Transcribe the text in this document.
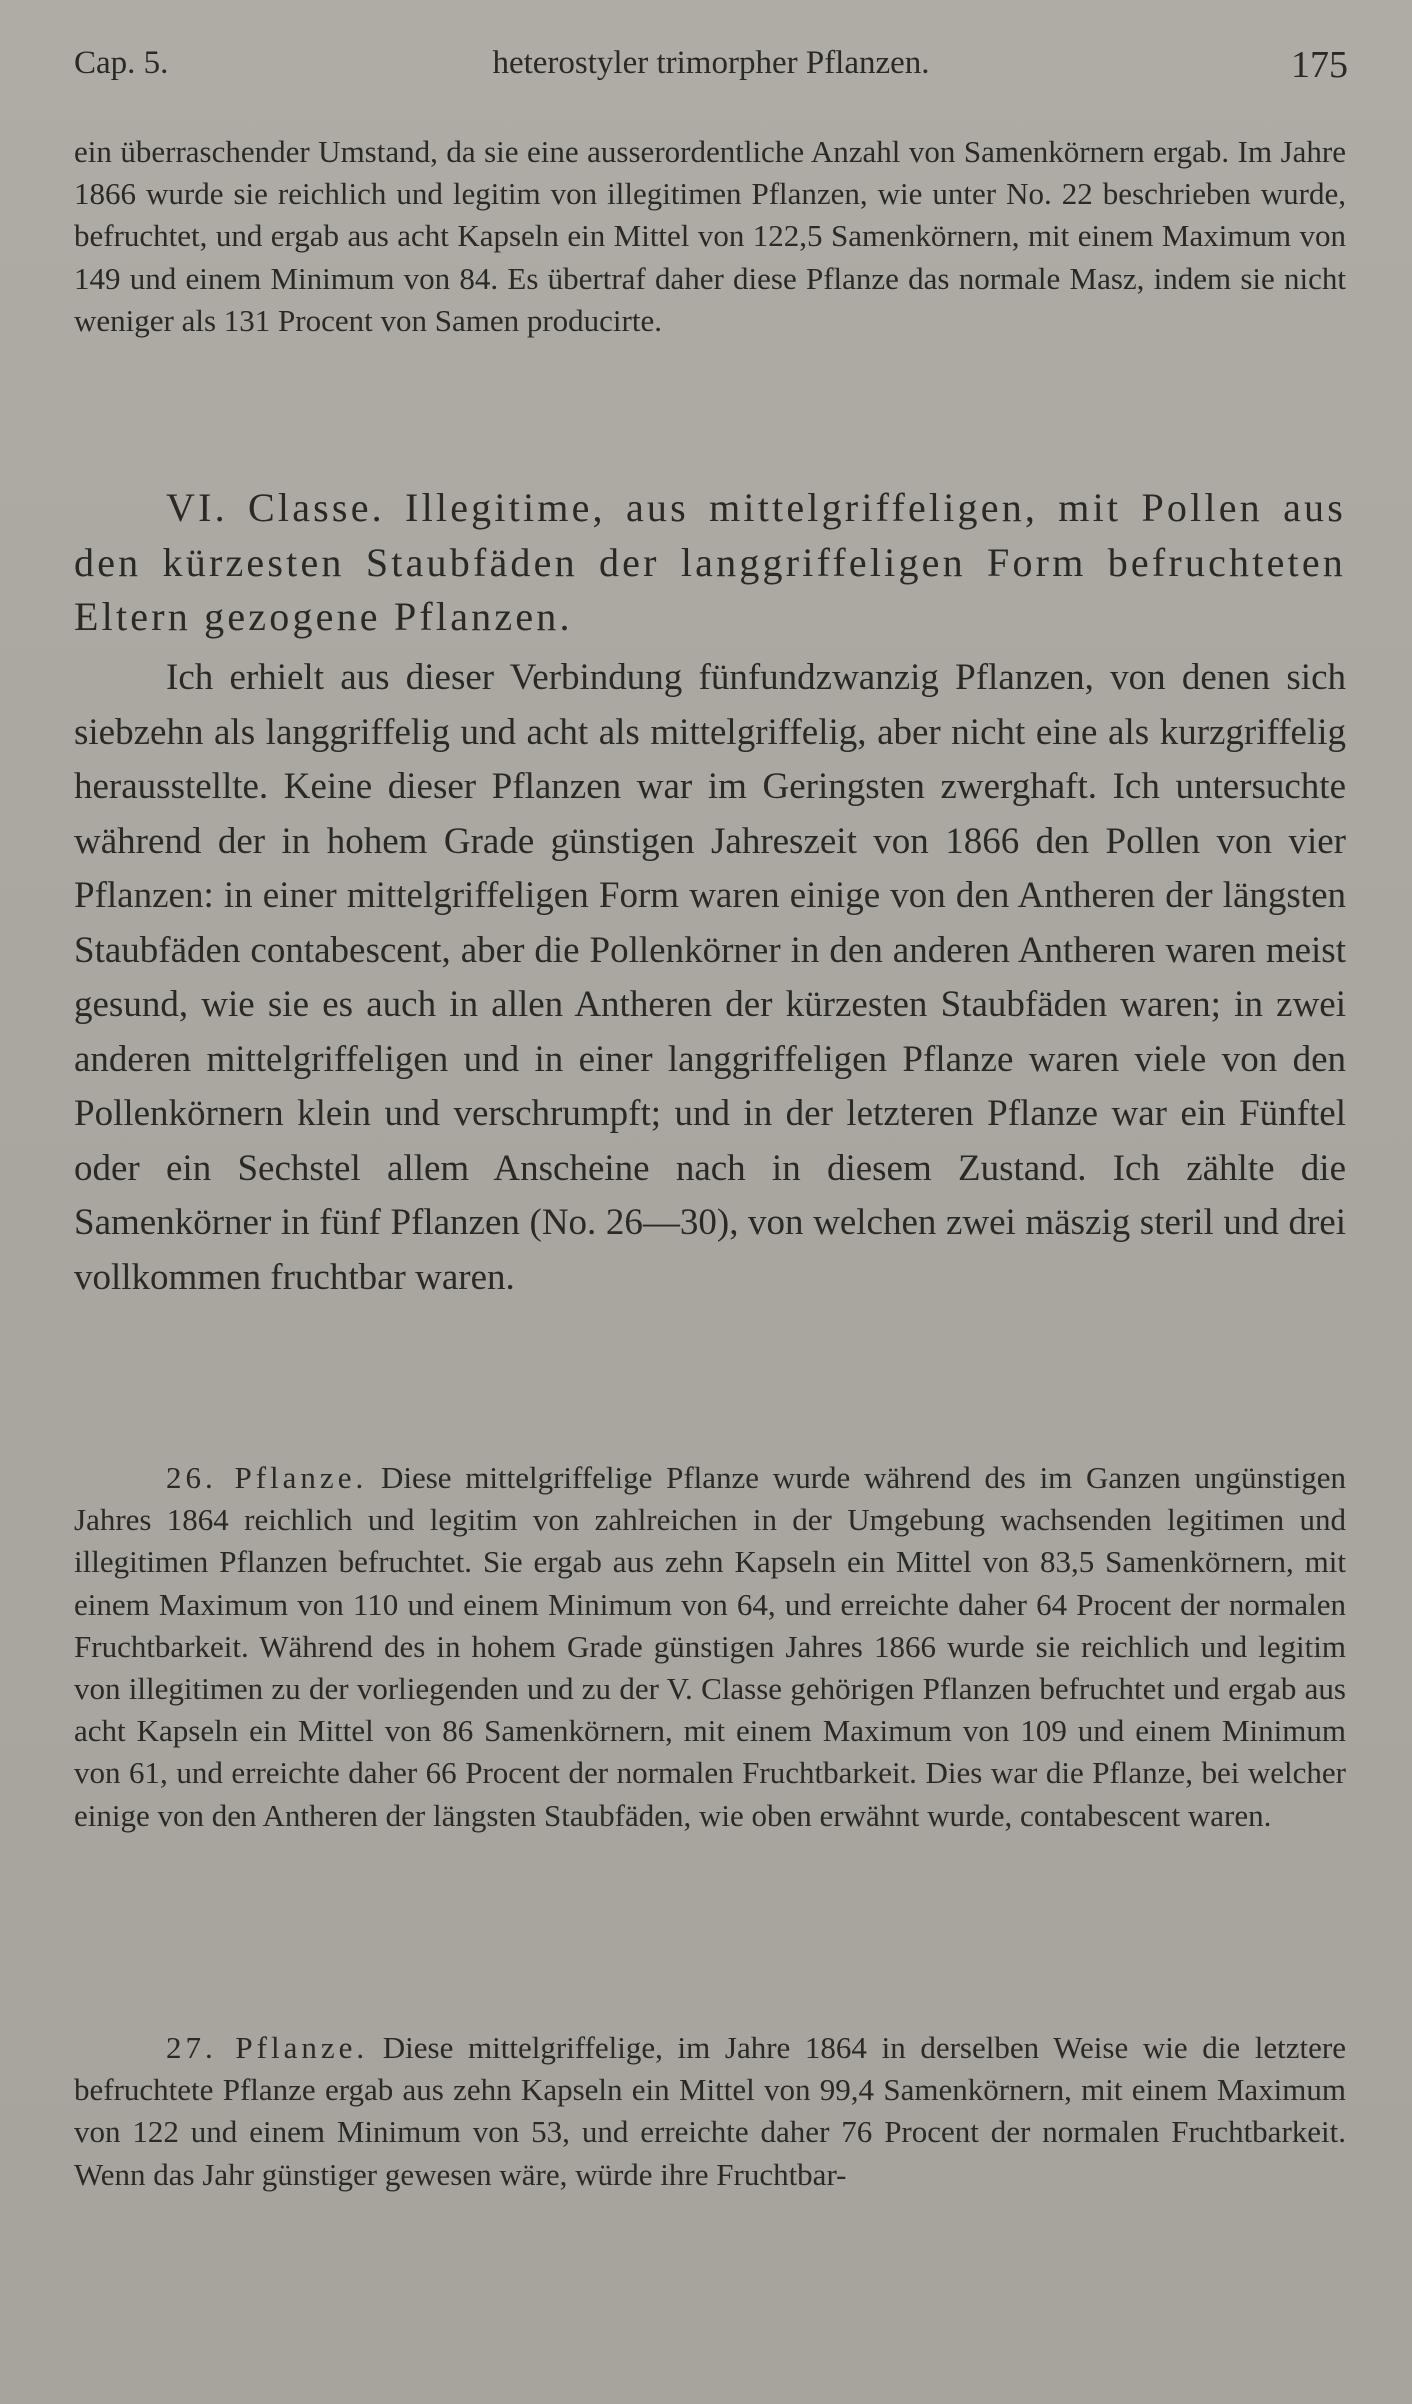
Cap. 5.	heterostyler trimorpher Pflanzen.	175

ein überraschender Umstand, da sie eine ausserordentliche Anzahl von Samenkörnern ergab. Im Jahre 1866 wurde sie reichlich und legitim von illegitimen Pflanzen, wie unter No. 22 beschrieben wurde, befruchtet, und ergab aus acht Kapseln ein Mittel von 122,5 Samenkörnern, mit einem Maximum von 149 und einem Minimum von 84. Es übertraf daher diese Pflanze das normale Masz, indem sie nicht weniger als 131 Procent von Samen producirte.

VI. Classe. Illegitime, aus mittelgriffeligen, mit Pollen aus den kürzesten Staubfäden der langgriffeligen Form befruchteten Eltern gezogene Pflanzen.

Ich erhielt aus dieser Verbindung fünfundzwanzig Pflanzen, von denen sich siebzehn als langgriffelig und acht als mittelgriffelig, aber nicht eine als kurzgriffelig herausstellte. Keine dieser Pflanzen war im Geringsten zwerghaft. Ich untersuchte während der in hohem Grade günstigen Jahreszeit von 1866 den Pollen von vier Pflanzen: in einer mittelgriffeligen Form waren einige von den Antheren der längsten Staubfäden contabescent, aber die Pollenkörner in den anderen Antheren waren meist gesund, wie sie es auch in allen Antheren der kürzesten Staubfäden waren; in zwei anderen mittelgriffeligen und in einer langgriffeligen Pflanze waren viele von den Pollenkörnern klein und verschrumpft; und in der letzteren Pflanze war ein Fünftel oder ein Sechstel allem Anscheine nach in diesem Zustand. Ich zählte die Samenkörner in fünf Pflanzen (No. 26—30), von welchen zwei mäszig steril und drei vollkommen fruchtbar waren.

26. Pflanze. Diese mittelgriffelige Pflanze wurde während des im Ganzen ungünstigen Jahres 1864 reichlich und legitim von zahlreichen in der Umgebung wachsenden legitimen und illegitimen Pflanzen befruchtet. Sie ergab aus zehn Kapseln ein Mittel von 83,5 Samenkörnern, mit einem Maximum von 110 und einem Minimum von 64, und erreichte daher 64 Procent der normalen Fruchtbarkeit. Während des in hohem Grade günstigen Jahres 1866 wurde sie reichlich und legitim von illegitimen zu der vorliegenden und zu der V. Classe gehörigen Pflanzen befruchtet und ergab aus acht Kapseln ein Mittel von 86 Samenkörnern, mit einem Maximum von 109 und einem Minimum von 61, und erreichte daher 66 Procent der normalen Fruchtbarkeit. Dies war die Pflanze, bei welcher einige von den Antheren der längsten Staubfäden, wie oben erwähnt wurde, contabescent waren.

27. Pflanze. Diese mittelgriffelige, im Jahre 1864 in derselben Weise wie die letztere befruchtete Pflanze ergab aus zehn Kapseln ein Mittel von 99,4 Samenkörnern, mit einem Maximum von 122 und einem Minimum von 53, und erreichte daher 76 Procent der normalen Fruchtbarkeit. Wenn das Jahr günstiger gewesen wäre, würde ihre Fruchtbar-
